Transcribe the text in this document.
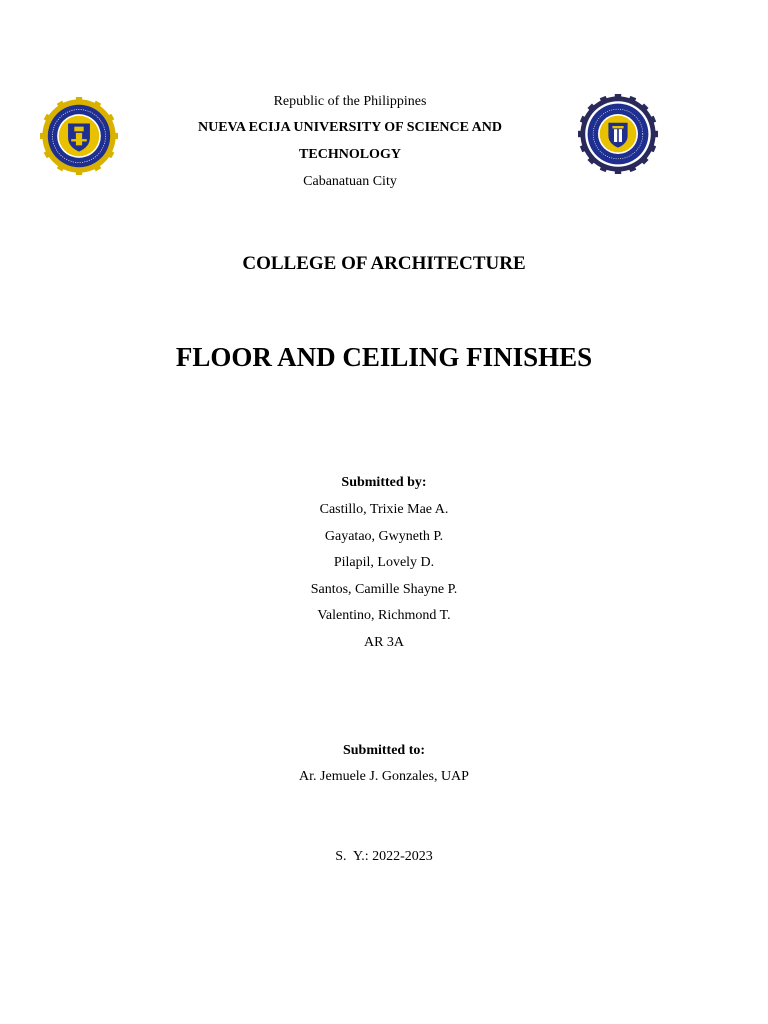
Republic of the Philippines
NUEVA ECIJA UNIVERSITY OF SCIENCE AND
TECHNOLOGY
Cabanatuan City
COLLEGE OF ARCHITECTURE
FLOOR AND CEILING FINISHES
Submitted by:
Castillo, Trixie Mae A.
Gayatao, Gwyneth P.
Pilapil, Lovely D.
Santos, Camille Shayne P.
Valentino, Richmond T.
AR 3A
Submitted to:
Ar. Jemuele J. Gonzales, UAP
S.  Y.: 2022-2023
